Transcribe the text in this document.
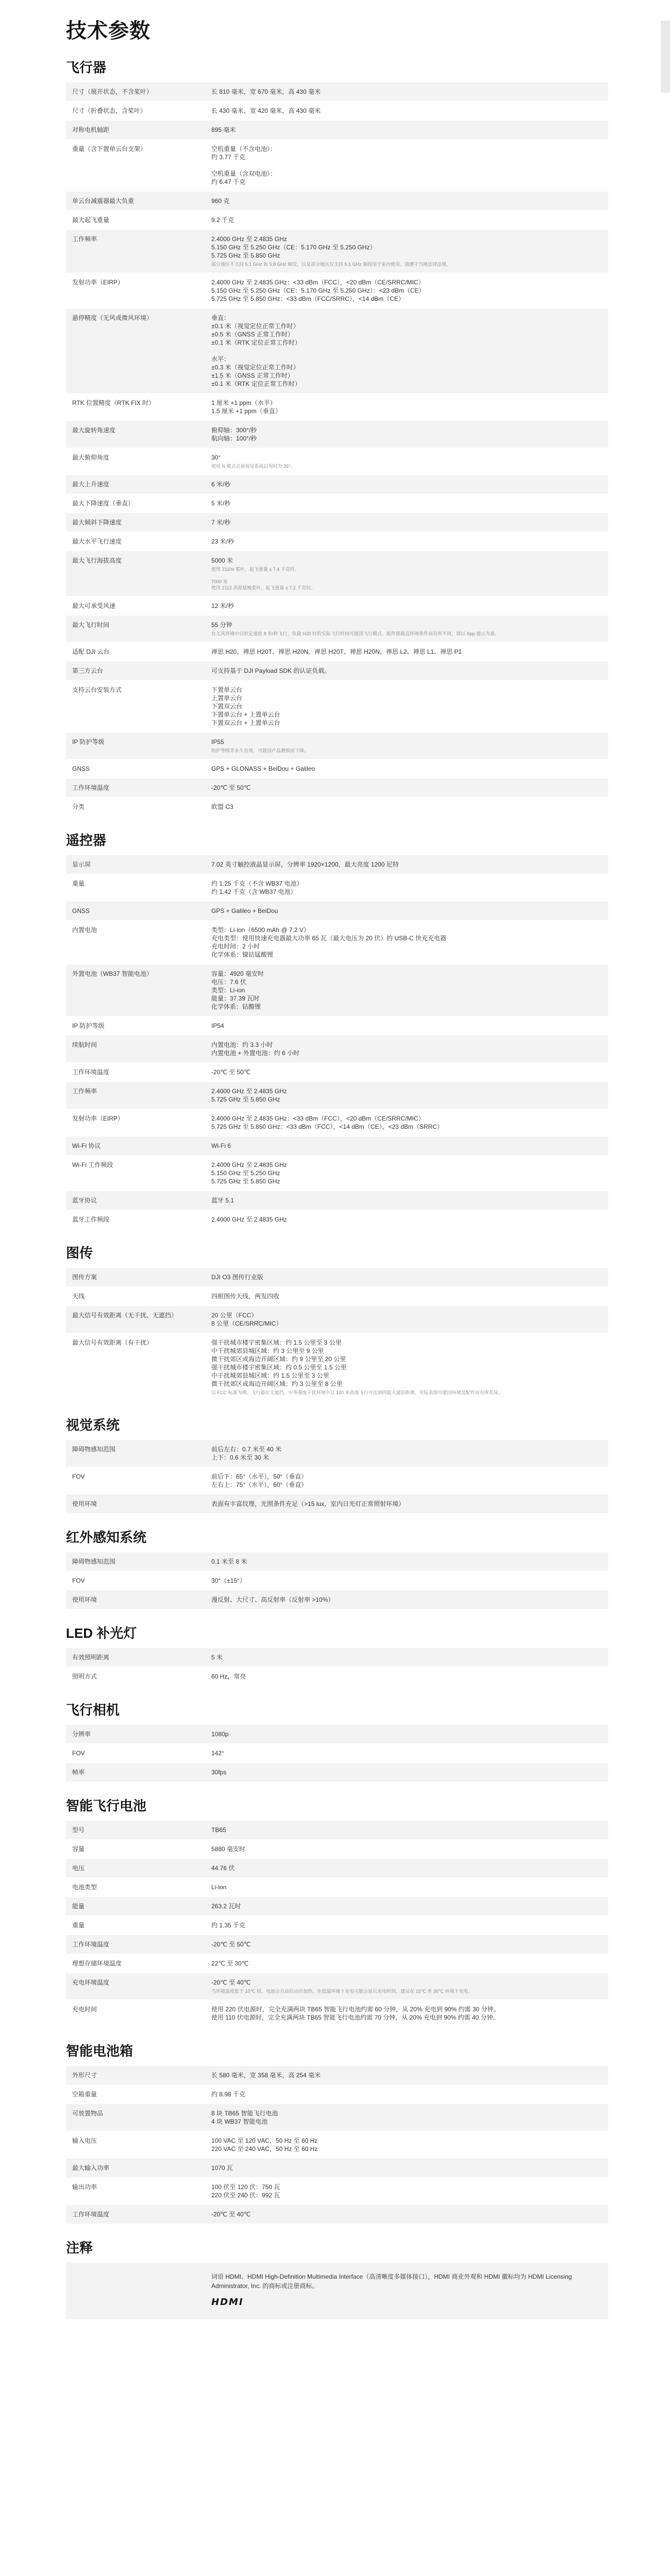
技术参数
飞行器
尺寸（展开状态，不含桨叶）	长 810 毫米，宽 670 毫米，高 430 毫米
尺寸（折叠状态，含桨叶）	长 430 毫米，宽 420 毫米，高 430 毫米
对称电机轴距	895 毫米
重量（含下置单云台支架）	空机重量（不含电池）：
约 3.77 千克

空机重量（含双电池）：
约 6.47 千克
单云台减震器最大负重	960 克
最大起飞重量	9.2 千克
工作频率	2.4000 GHz 至 2.4835 GHz
5.150 GHz 至 5.250 GHz（CE：5.170 GHz 至 5.250 GHz）
5.725 GHz 至 5.850 GHz
部分地区不支持 5.1 GHz 和 5.8 GHz 频段，以及部分地区仅支持 5.1 GHz 频段用于室内使用，请遵守当地法律法规。
发射功率（EIRP）	2.4000 GHz 至 2.4835 GHz：<33 dBm（FCC），<20 dBm（CE/SRRC/MIC）
5.150 GHz 至 5.250 GHz（CE：5.170 GHz 至 5.250 GHz）：<23 dBm（CE）
5.725 GHz 至 5.850 GHz：<33 dBm（FCC/SRRC），<14 dBm（CE）
悬停精度（无风或微风环境）	垂直：
±0.1 米（视觉定位正常工作时）
±0.5 米（GNSS 正常工作时）
±0.1 米（RTK 定位正常工作时）

水平：
±0.3 米（视觉定位正常工作时）
±1.5 米（GNSS 正常工作时）
±0.1 米（RTK 定位正常工作时）
RTK 位置精度（RTK FIX 时）	1 厘米 +1 ppm（水平）
1.5 厘米 +1 ppm（垂直）
最大旋转角速度	俯仰轴：300°/秒
航向轴：100°/秒
最大俯仰角度	30°
使用 N 模式且前视觉系统启用时为 25°。
最大上升速度	6 米/秒
最大下降速度（垂直）	5 米/秒
最大倾斜下降速度	7 米/秒
最大水平飞行速度	23 米/秒
最大飞行海拔高度	5000 米
使用 2110s 桨叶，起飞重量 ≤ 7.4 千克时。

7000 米
使用 2112 高原低噪桨叶，起飞重量 ≤ 7.2 千克时。
最大可承受风速	12 米/秒
最大飞行时间	55 分钟
在无风环境中以恒定速度 8 米/秒飞行，负载 H20 时的实际飞行时间可能因飞行模式、配件搭载及环境条件而有所不同，请以 App 提示为准。
适配 DJI 云台	禅思 H20、禅思 H20T、禅思 H20N、禅思 H20T、禅思 H20N、禅思 L2、禅思 L1、禅思 P1
第三方云台	可支持基于 DJI Payload SDK 的认证负载。
支持云台安装方式	下置单云台
上置单云台
下置双云台
下置单云台 + 上置单云台
下置双云台 + 上置单云台
IP 防护等级	IP55
防护等级非永久有效，可能因产品磨损而下降。
GNSS	GPS + GLONASS + BeiDou + Galileo
工作环境温度	-20℃ 至 50℃
分类	欧盟 C3
遥控器
显示屏	7.02 英寸触控液晶显示屏，分辨率 1920×1200，最大亮度 1200 尼特
重量	约 1.25 千克（不含 WB37 电池）
约 1.42 千克（含 WB37 电池）
GNSS	GPS + Galileo + BeiDou
内置电池	类型：Li-ion（6500 mAh @ 7.2 V）
充电类型：使用快速充电器最大功率 65 瓦（最大电压为 20 伏）的 USB-C 快充充电器
充电时间：2 小时
化学体系：镍钴锰酸锂
外置电池（WB37 智能电池）	容量：4920 毫安时
电压：7.6 伏
类型：Li-ion
能量：37.39 瓦时
化学体系：钴酸锂
IP 防护等级	IP54
续航时间	内置电池：约 3.3 小时
内置电池 + 外置电池：约 6 小时
工作环境温度	-20℃ 至 50℃
工作频率	2.4000 GHz 至 2.4835 GHz
5.725 GHz 至 5.850 GHz
发射功率（EIRP）	2.4000 GHz 至 2.4835 GHz：<33 dBm（FCC），<20 dBm（CE/SRRC/MIC）
5.725 GHz 至 5.850 GHz：<33 dBm（FCC），<14 dBm（CE），<23 dBm（SRRC）
Wi-Fi 协议	Wi-Fi 6
Wi-Fi 工作频段	2.4000 GHz 至 2.4835 GHz
5.150 GHz 至 5.250 GHz
5.725 GHz 至 5.850 GHz
蓝牙协议	蓝牙 5.1
蓝牙工作频段	2.4000 GHz 至 2.4835 GHz
图传
图传方案	DJI O3 图传行业版
天线	四根图传天线，两发四收
最大信号有效距离（无干扰、无遮挡）	20 公里（FCC）
8 公里（CE/SRRC/MIC）
最大信号有效距离（有干扰）	强干扰城市楼宇密集区域：约 1.5 公里至 3 公里
中干扰城郊县城区域：约 3 公里至 9 公里
微干扰郊区或海边开阔区域：约 9 公里至 20 公里
强干扰城市楼宇密集区域：约 0.5 公里至 1.5 公里
中干扰城郊县城区域：约 1.5 公里至 3 公里
微干扰郊区或海边开阔区域：约 3 公里至 8 公里
以 FCC 标准为例，飞行器在无遮挡、中等强度干扰环境中以 120 米高度飞行可达到的最大通信距离，实际表现可能因环境及配件而有所差异。
视觉系统
障碍物感知范围	前后左右：0.7 米至 40 米
上下：0.6 米至 30 米
FOV	前后下：65°（水平），50°（垂直）
左右上：75°（水平），60°（垂直）
使用环境	表面有丰富纹理，光照条件充足（>15 lux，室内日光灯正常照射环境）
红外感知系统
障碍物感知范围	0.1 米至 8 米
FOV	30°（±15°）
使用环境	漫反射、大尺寸、高反射率（反射率 >10%）
LED 补光灯
有效照明距离	5 米
照明方式	60 Hz，常亮
飞行相机
分辨率	1080p
FOV	142°
帧率	30fps
智能飞行电池
型号	TB65
容量	5880 毫安时
电压	44.76 伏
电池类型	Li-ion
能量	263.2 瓦时
重量	约 1.35 千克
工作环境温度	-20℃ 至 50℃
理想存储环境温度	22℃ 至 30℃
充电环境温度	-20℃ 至 40℃
当环境温度低于 10℃ 时，电池会自动启动自加热，在低温环境下充电可能会延长充电时间，建议在 15℃ 至 35℃ 环境下充电。
充电时间	使用 220 伏电源时，完全充满两块 TB65 智能飞行电池约需 60 分钟，从 20% 充电到 90% 约需 30 分钟。
使用 110 伏电源时，完全充满两块 TB65 智能飞行电池约需 70 分钟，从 20% 充电到 90% 约需 40 分钟。
智能电池箱
外形尺寸	长 580 毫米，宽 358 毫米，高 254 毫米
空箱重量	约 8.98 千克
可放置物品	8 块 TB65 智能飞行电池
4 块 WB37 智能电池
输入电压	100 VAC 至 120 VAC，50 Hz 至 60 Hz
220 VAC 至 240 VAC，50 Hz 至 60 Hz
最大输入功率	1070 瓦
输出功率	100 伏至 120 伏：750 瓦
220 伏至 240 伏：992 瓦
工作环境温度	-20℃ 至 40℃
注释
词语 HDMI、HDMI High-Definition Multimedia Interface（高清晰度多媒体接口），HDMI 商业外观和 HDMI 徽标均为 HDMI Licensing Administrator, Inc. 的商标或注册商标。
HDMI
